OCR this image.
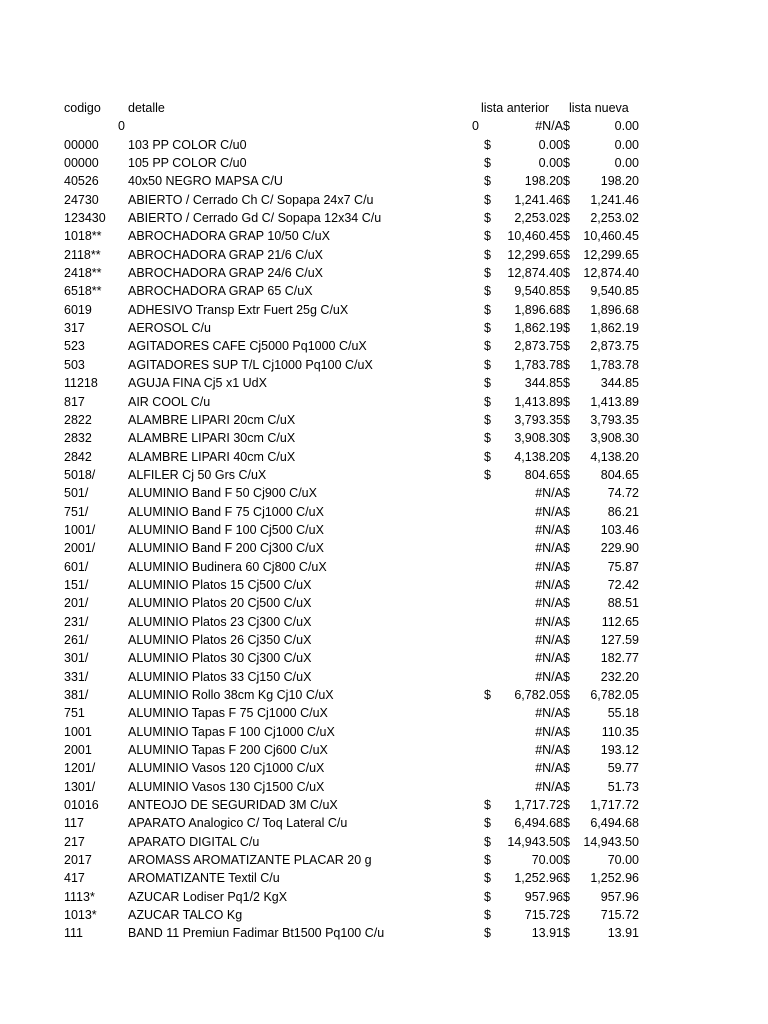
codigo detalle	lista anterior lista nueva
0	0	#N/A $	0.00
00000 103 PP COLOR C/u0	$	0.00 $	0.00
00000 105 PP COLOR C/u0	$	0.00 $	0.00
40526 40x50 NEGRO MAPSA C/U	$	198.20 $ 198.20
24730 ABIERTO / Cerrado Ch C/ Sopapa 24x7 C/u	$ 1,241.46 $ 1,241.46
123430 ABIERTO / Cerrado Gd C/ Sopapa 12x34 C/u	$ 2,253.02 $ 2,253.02
1018** ABROCHADORA GRAP 10/50 C/uX	$ 10,460.45 $ 10,460.45
2118** ABROCHADORA GRAP 21/6 C/uX	$ 12,299.65 $ 12,299.65
2418** ABROCHADORA GRAP 24/6 C/uX	$ 12,874.40 $ 12,874.40
6518** ABROCHADORA GRAP 65 C/uX	$ 9,540.85 $ 9,540.85
6019	ADHESIVO Transp Extr Fuert 25g C/uX	$ 1,896.68 $ 1,896.68
317	AEROSOL C/u	$ 1,862.19 $ 1,862.19
523	AGITADORES CAFE Cj5000 Pq1000 C/uX	$ 2,873.75 $ 2,873.75
503	AGITADORES SUP T/L Cj1000 Pq100 C/uX	$ 1,783.78 $ 1,783.78
11218 AGUJA FINA Cj5 x1 UdX	$	344.85 $ 344.85
817	AIR COOL C/u	$ 1,413.89 $ 1,413.89
2822	ALAMBRE LIPARI 20cm C/uX	$ 3,793.35 $ 3,793.35
2832	ALAMBRE LIPARI 30cm C/uX	$ 3,908.30 $ 3,908.30
2842	ALAMBRE LIPARI 40cm C/uX	$ 4,138.20 $ 4,138.20
5018/	ALFILER Cj 50 Grs C/uX	$	804.65 $ 804.65
501/	ALUMINIO Band F 50 Cj900 C/uX	#N/A $	74.72
751/	ALUMINIO Band F 75 Cj1000 C/uX	#N/A $	86.21
1001/	ALUMINIO Band F 100 Cj500 C/uX	#N/A $ 103.46
2001/	ALUMINIO Band F 200 Cj300 C/uX	#N/A $ 229.90
601/	ALUMINIO Budinera 60 Cj800 C/uX	#N/A $	75.87
151/	ALUMINIO Platos 15 Cj500 C/uX	#N/A $	72.42
201/	ALUMINIO Platos 20 Cj500 C/uX	#N/A $	88.51
231/	ALUMINIO Platos 23 Cj300 C/uX	#N/A $	112.65
261/	ALUMINIO Platos 26 Cj350 C/uX	#N/A $ 127.59
301/	ALUMINIO Platos 30 Cj300 C/uX	#N/A $ 182.77
331/	ALUMINIO Platos 33 Cj150 C/uX	#N/A $ 232.20
381/	ALUMINIO Rollo 38cm Kg Cj10 C/uX	$ 6,782.05 $ 6,782.05
751	ALUMINIO Tapas F 75 Cj1000 C/uX	#N/A $	55.18
1001	ALUMINIO Tapas F 100 Cj1000 C/uX	#N/A $	110.35
2001	ALUMINIO Tapas F 200 Cj600 C/uX	#N/A $ 193.12
1201/	ALUMINIO Vasos 120 Cj1000 C/uX	#N/A $	59.77
1301/	ALUMINIO Vasos 130 Cj1500 C/uX	#N/A $	51.73
01016 ANTEOJO DE SEGURIDAD 3M C/uX	$ 1,717.72 $ 1,717.72
117	APARATO Analogico C/ Toq Lateral C/u	$ 6,494.68 $ 6,494.68
217	APARATO DIGITAL C/u	$ 14,943.50 $ 14,943.50
2017	AROMASS AROMATIZANTE PLACAR 20 g	$	70.00 $	70.00
417	AROMATIZANTE Textil C/u	$ 1,252.96 $ 1,252.96
1113*	AZUCAR Lodiser Pq1/2 KgX	$	957.96 $ 957.96
1013*	AZUCAR TALCO Kg	$	715.72 $ 715.72
111	BAND 11 Premiun Fadimar Bt1500 Pq100 C/u	$	13.91 $	13.91
